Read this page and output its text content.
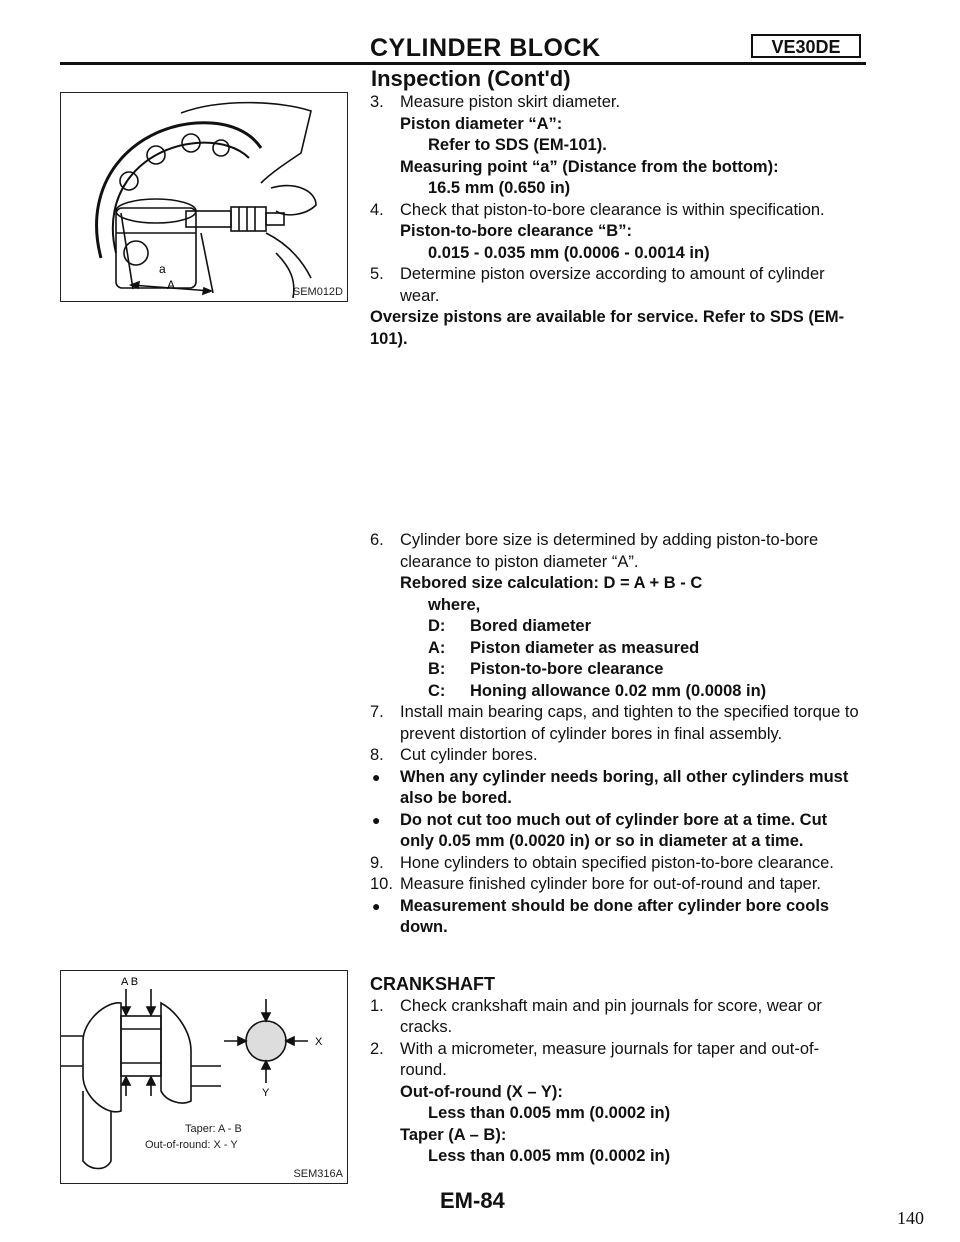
CYLINDER BLOCK	VE30DE
Inspection (Cont'd)
a
A	SEM012D
3. Measure piston skirt diameter.
Piston diameter “A”:
Refer to SDS (EM-101).
Measuring point “a” (Distance from the bottom):
16.5 mm (0.650 in)
4. Check that piston-to-bore clearance is within specification.
Piston-to-bore clearance “B”:
0.015 - 0.035 mm (0.0006 - 0.0014 in)
5. Determine piston oversize according to amount of cylinder wear.
Oversize pistons are available for service. Refer to SDS (EM-101).
6. Cylinder bore size is determined by adding piston-to-bore clearance to piston diameter “A”.
Rebored size calculation: D = A + B - C
where,
D:	Bored diameter
A:	Piston diameter as measured
B:	Piston-to-bore clearance
C:	Honing allowance 0.02 mm (0.0008 in)
7. Install main bearing caps, and tighten to the specified torque to prevent distortion of cylinder bores in final assembly.
8. Cut cylinder bores.
● When any cylinder needs boring, all other cylinders must also be bored.
● Do not cut too much out of cylinder bore at a time. Cut only 0.05 mm (0.0020 in) or so in diameter at a time.
9. Hone cylinders to obtain specified piston-to-bore clearance.
10. Measure finished cylinder bore for out-of-round and taper.
● Measurement should be done after cylinder bore cools down.
A B
X
Y
Taper: A - B
Out-of-round: X - Y
SEM316A
CRANKSHAFT
1. Check crankshaft main and pin journals for score, wear or cracks.
2. With a micrometer, measure journals for taper and out-of-round.
Out-of-round (X – Y):
Less than 0.005 mm (0.0002 in)
Taper (A – B):
Less than 0.005 mm (0.0002 in)
EM-84
140
